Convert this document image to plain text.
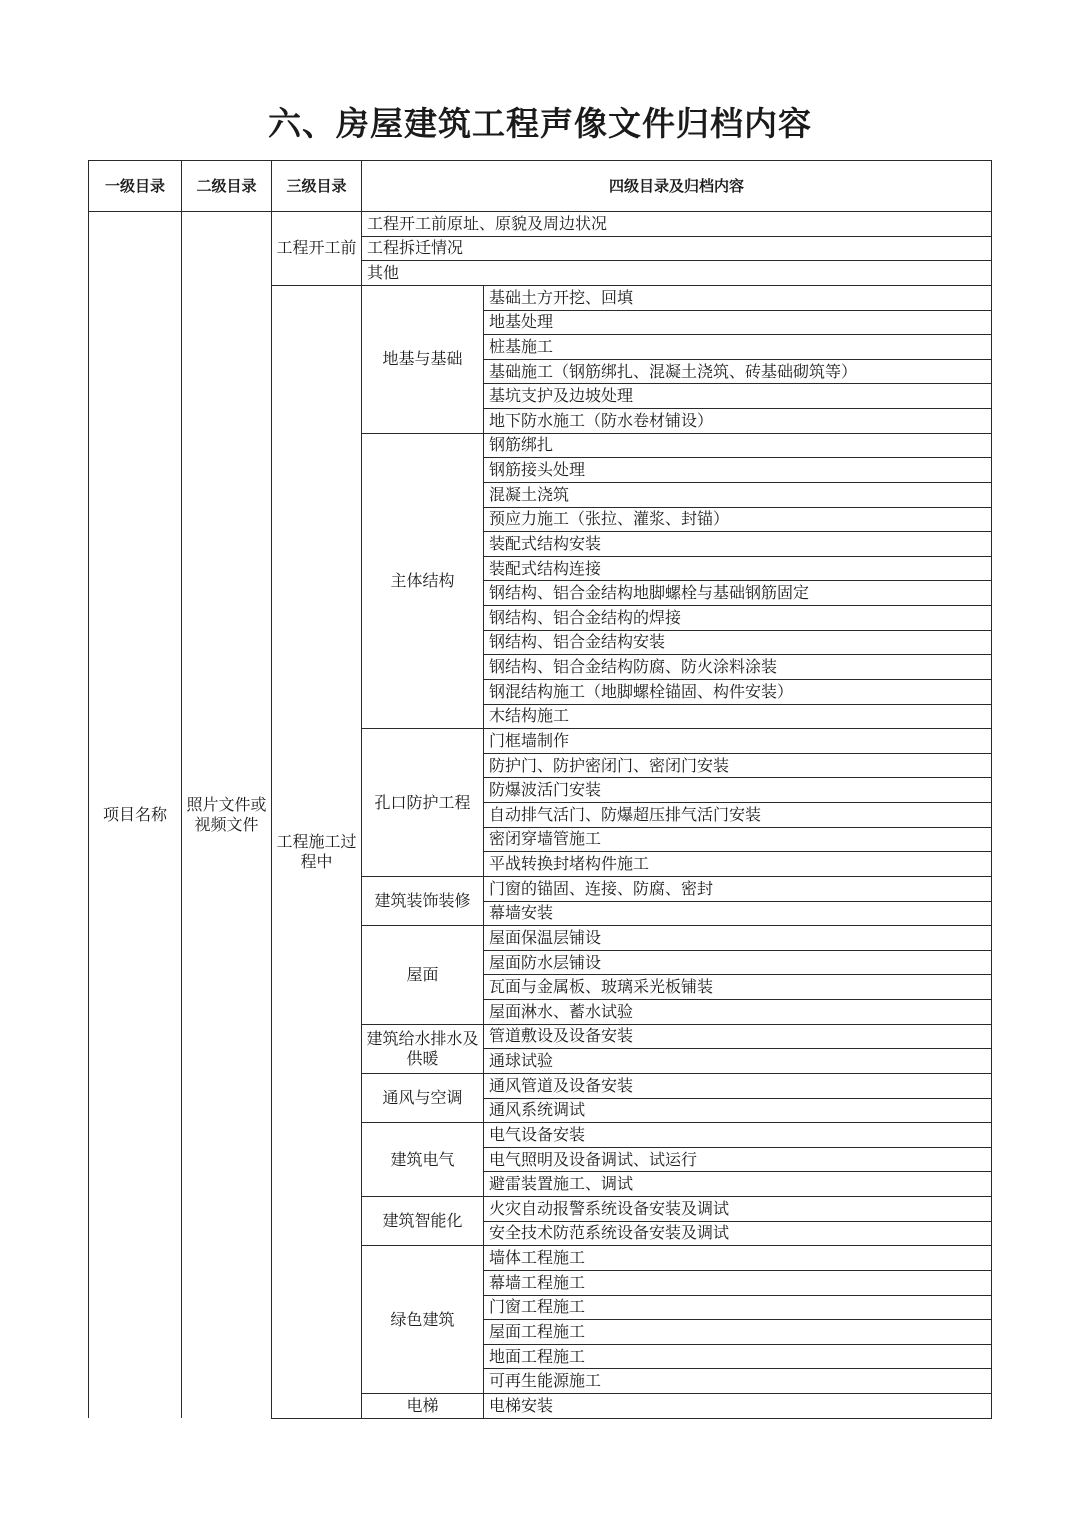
六、房屋建筑工程声像文件归档内容
一级目录	二级目录	三级目录	四级目录及归档内容	
项目名称	照片文件或视频文件	工程开工前	工程开工前原址、原貌及周边状况	
			工程拆迁情况	
			其他	
		工程施工过程中	地基与基础	基础土方开挖、回填
				地基处理
				桩基施工
				基础施工（钢筋绑扎、混凝土浇筑、砖基础砌筑等）
				基坑支护及边坡处理
				地下防水施工（防水卷材铺设）
			主体结构	钢筋绑扎
				钢筋接头处理
				混凝土浇筑
				预应力施工（张拉、灌浆、封锚）
				装配式结构安装
				装配式结构连接
				钢结构、铝合金结构地脚螺栓与基础钢筋固定
				钢结构、铝合金结构的焊接
				钢结构、铝合金结构安装
				钢结构、铝合金结构防腐、防火涂料涂装
				钢混结构施工（地脚螺栓锚固、构件安装）
				木结构施工
			孔口防护工程	门框墙制作
				防护门、防护密闭门、密闭门安装
				防爆波活门安装
				自动排气活门、防爆超压排气活门安装
				密闭穿墙管施工
				平战转换封堵构件施工
			建筑装饰装修	门窗的锚固、连接、防腐、密封
				幕墙安装
			屋面	屋面保温层铺设
				屋面防水层铺设
				瓦面与金属板、玻璃采光板铺装
				屋面淋水、蓄水试验
			建筑给水排水及供暖	管道敷设及设备安装
				通球试验
			通风与空调	通风管道及设备安装
				通风系统调试
			建筑电气	电气设备安装
				电气照明及设备调试、试运行
				避雷装置施工、调试
			建筑智能化	火灾自动报警系统设备安装及调试
				安全技术防范系统设备安装及调试
			绿色建筑	墙体工程施工
				幕墙工程施工
				门窗工程施工
				屋面工程施工
				地面工程施工
				可再生能源施工
			电梯	电梯安装
